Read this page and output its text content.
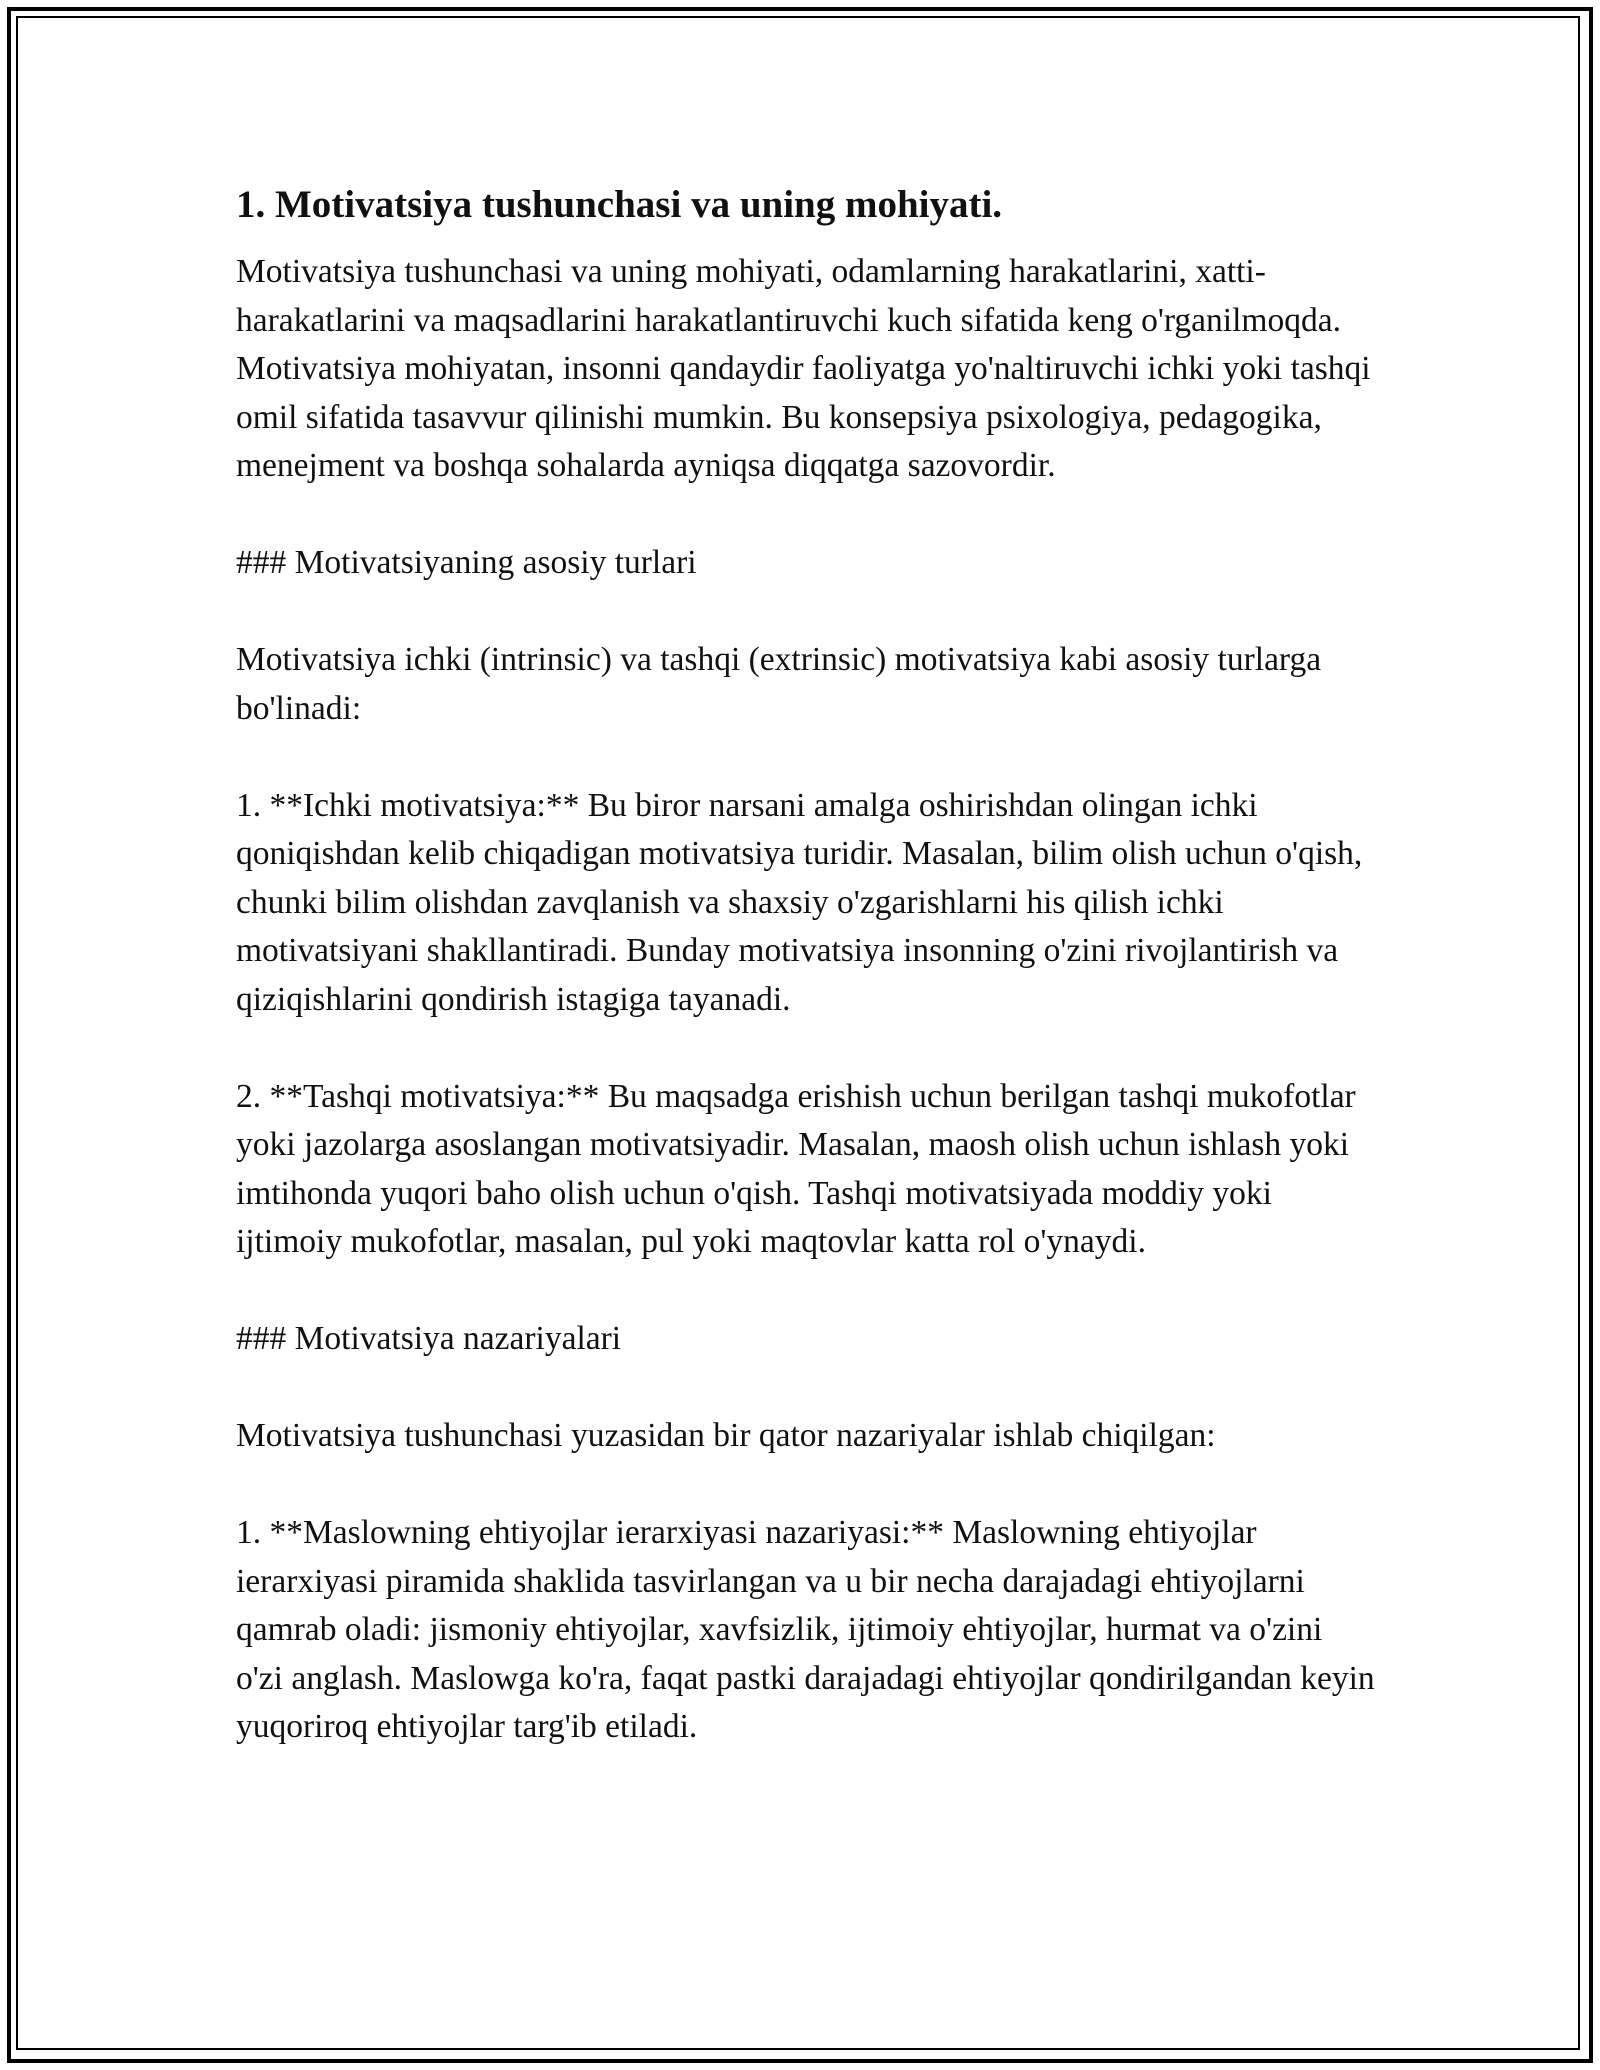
1. Motivatsiya tushunchasi va uning mohiyati.

Motivatsiya tushunchasi va uning mohiyati, odamlarning harakatlarini, xatti-harakatlarini va maqsadlarini harakatlantiruvchi kuch sifatida keng o'rganilmoqda. Motivatsiya mohiyatan, insonni qandaydir faoliyatga yo'naltiruvchi ichki yoki tashqi omil sifatida tasavvur qilinishi mumkin. Bu konsepsiya psixologiya, pedagogika, menejment va boshqa sohalarda ayniqsa diqqatga sazovordir.

### Motivatsiyaning asosiy turlari

Motivatsiya ichki (intrinsic) va tashqi (extrinsic) motivatsiya kabi asosiy turlarga bo'linadi:

1. **Ichki motivatsiya:** Bu biror narsani amalga oshirishdan olingan ichki qoniqishdan kelib chiqadigan motivatsiya turidir. Masalan, bilim olish uchun o'qish, chunki bilim olishdan zavqlanish va shaxsiy o'zgarishlarni his qilish ichki motivatsiyani shakllantiradi. Bunday motivatsiya insonning o'zini rivojlantirish va qiziqishlarini qondirish istagiga tayanadi.

2. **Tashqi motivatsiya:** Bu maqsadga erishish uchun berilgan tashqi mukofotlar yoki jazolarga asoslangan motivatsiyadir. Masalan, maosh olish uchun ishlash yoki imtihonda yuqori baho olish uchun o'qish. Tashqi motivatsiyada moddiy yoki ijtimoiy mukofotlar, masalan, pul yoki maqtovlar katta rol o'ynaydi.

### Motivatsiya nazariyalari

Motivatsiya tushunchasi yuzasidan bir qator nazariyalar ishlab chiqilgan:

1. **Maslowning ehtiyojlar ierarxiyasi nazariyasi:** Maslowning ehtiyojlar ierarxiyasi piramida shaklida tasvirlangan va u bir necha darajadagi ehtiyojlarni qamrab oladi: jismoniy ehtiyojlar, xavfsizlik, ijtimoiy ehtiyojlar, hurmat va o'zini o'zi anglash. Maslowga ko'ra, faqat pastki darajadagi ehtiyojlar qondirilgandan keyin yuqoriroq ehtiyojlar targ'ib etiladi.
